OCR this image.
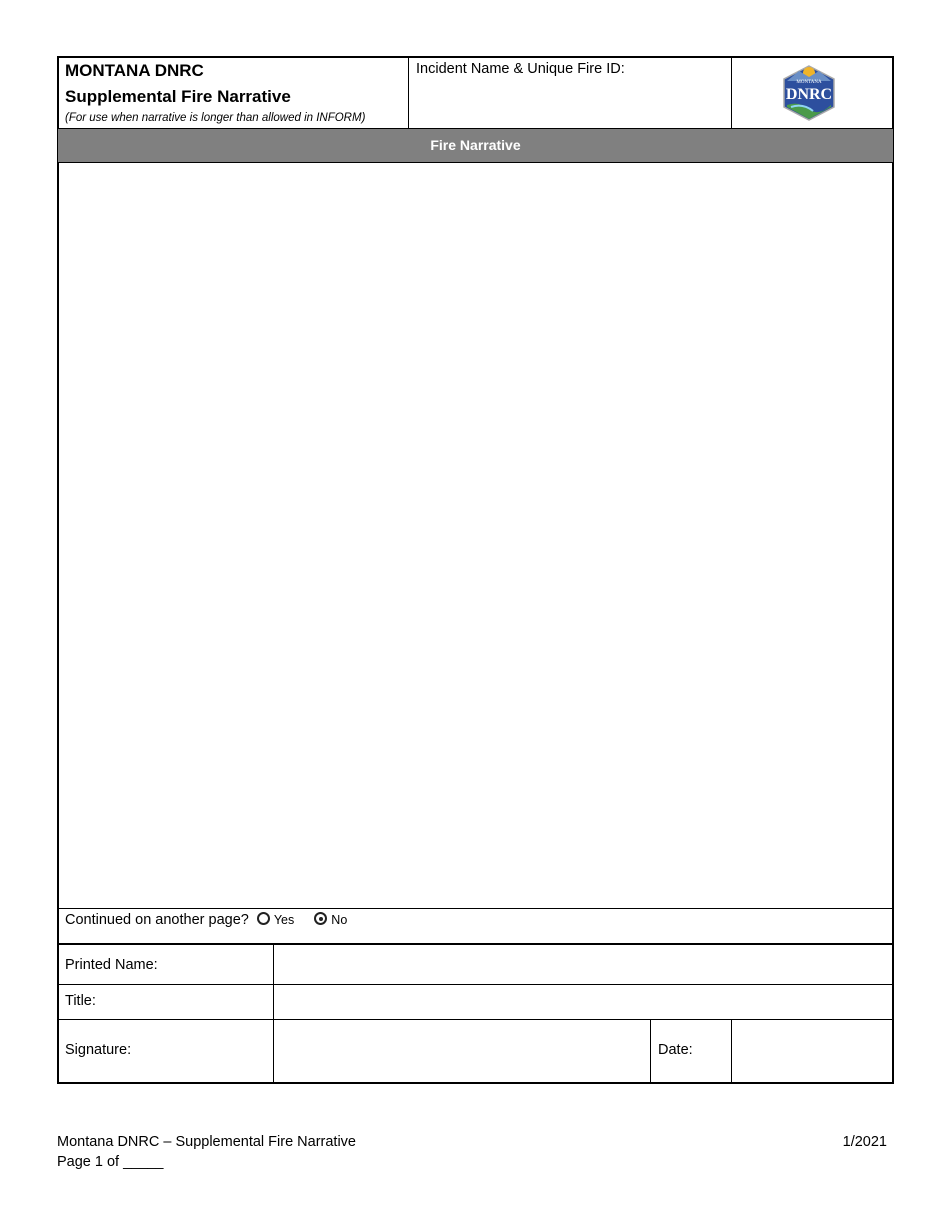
MONTANA DNRC
Supplemental Fire Narrative
(For use when narrative is longer than allowed in INFORM)
Incident Name & Unique Fire ID:
MONTANA
DNRC
Fire Narrative
Continued on another page? Yes	No
Printed Name:
Title:
Signature:	Date:
Montana DNRC – Supplemental Fire Narrative
Page 1 of _____
1/2021
